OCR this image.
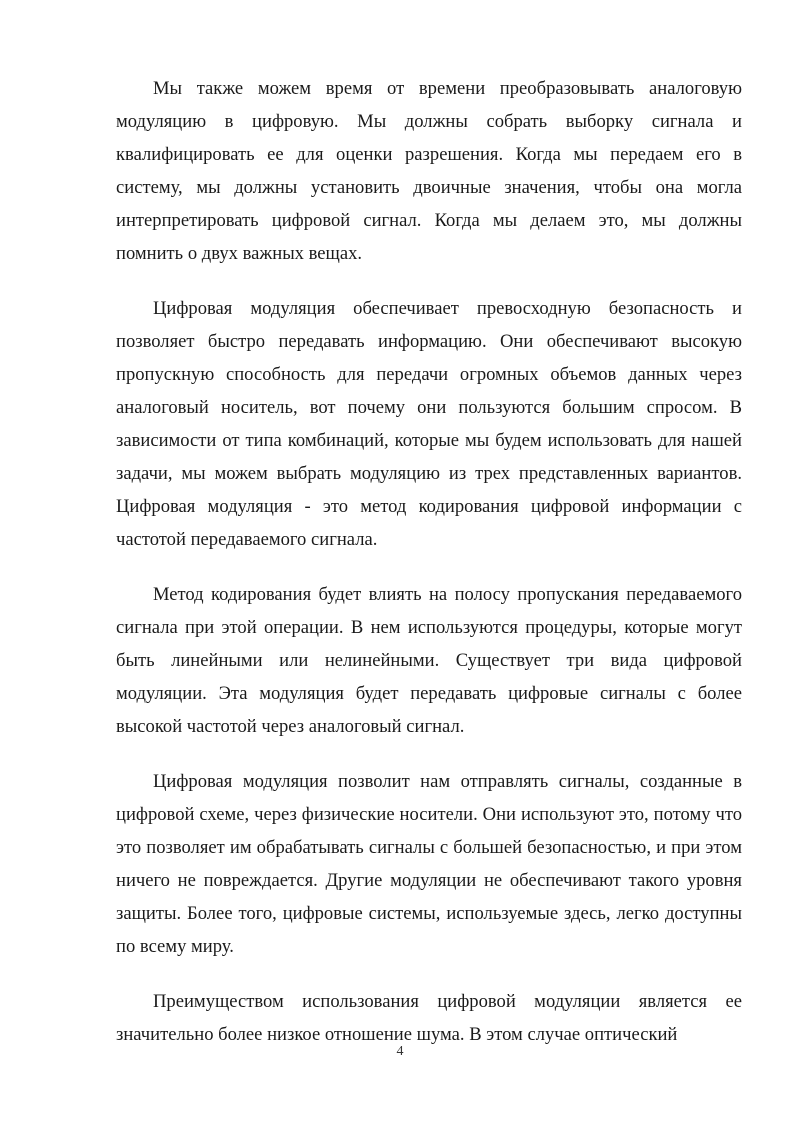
Мы также можем время от времени преобразовывать аналоговую модуляцию в цифровую. Мы должны собрать выборку сигнала и квалифицировать ее для оценки разрешения. Когда мы передаем его в систему, мы должны установить двоичные значения, чтобы она могла интерпретировать цифровой сигнал. Когда мы делаем это, мы должны помнить о двух важных вещах.

Цифровая модуляция обеспечивает превосходную безопасность и позволяет быстро передавать информацию. Они обеспечивают высокую пропускную способность для передачи огромных объемов данных через аналоговый носитель, вот почему они пользуются большим спросом. В зависимости от типа комбинаций, которые мы будем использовать для нашей задачи, мы можем выбрать модуляцию из трех представленных вариантов. Цифровая модуляция - это метод кодирования цифровой информации с частотой передаваемого сигнала.

Метод кодирования будет влиять на полосу пропускания передаваемого сигнала при этой операции. В нем используются процедуры, которые могут быть линейными или нелинейными. Существует три вида цифровой модуляции. Эта модуляция будет передавать цифровые сигналы с более высокой частотой через аналоговый сигнал.

Цифровая модуляция позволит нам отправлять сигналы, созданные в цифровой схеме, через физические носители. Они используют это, потому что это позволяет им обрабатывать сигналы с большей безопасностью, и при этом ничего не повреждается. Другие модуляции не обеспечивают такого уровня защиты. Более того, цифровые системы, используемые здесь, легко доступны по всему миру.

Преимуществом использования цифровой модуляции является ее значительно более низкое отношение шума. В этом случае оптический

4
